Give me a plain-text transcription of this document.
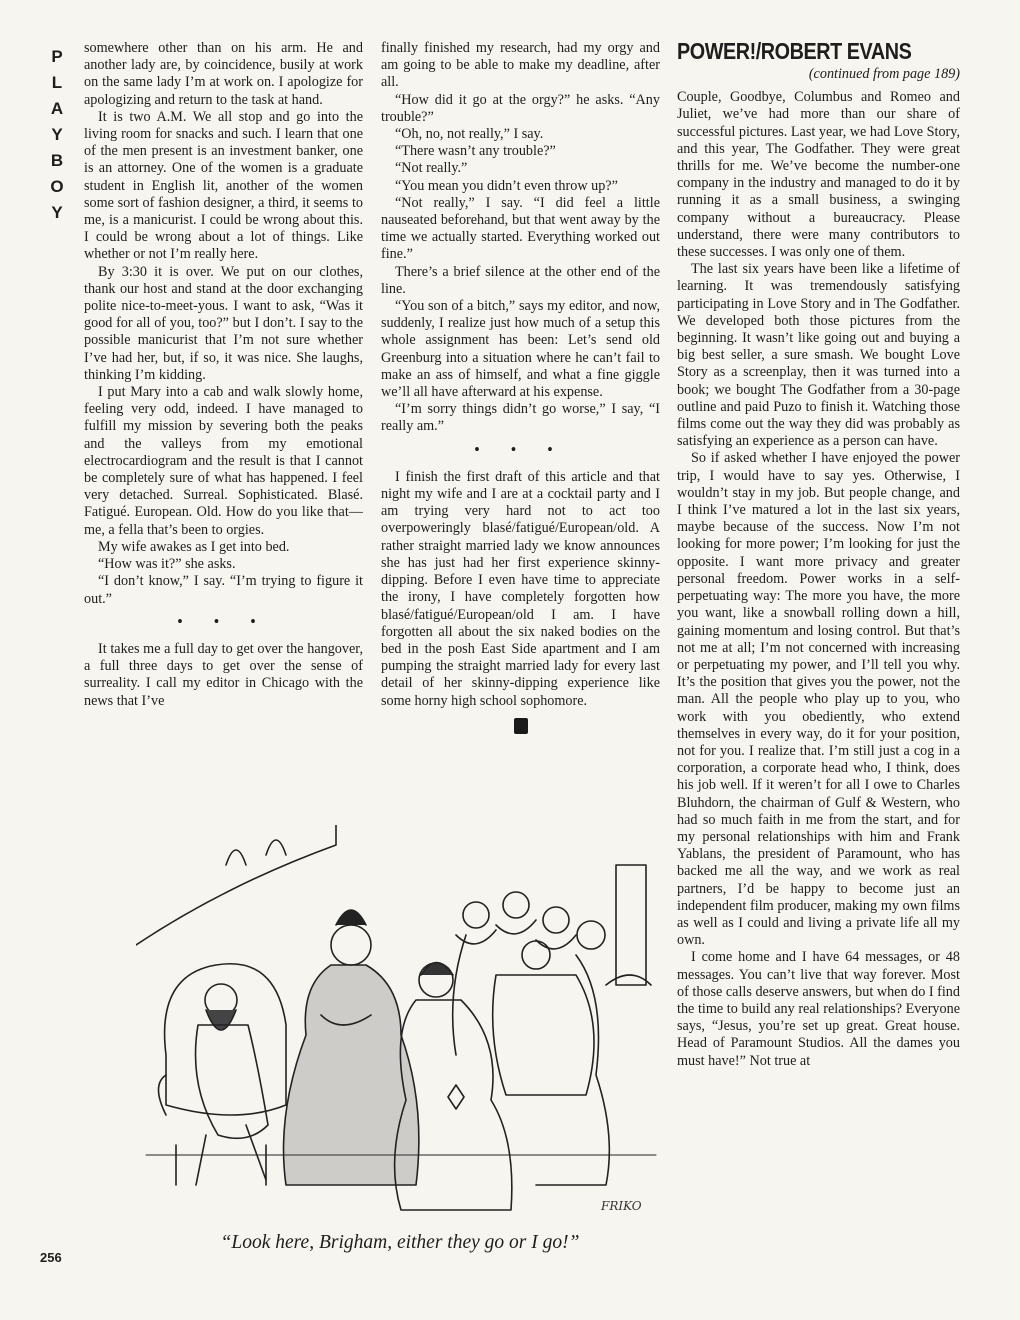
P
L
A
Y
B
O
Y

somewhere other than on his arm. He and another lady are, by coincidence, busily at work on the same lady I’m at work on. I apologize for apologizing and return to the task at hand.

It is two A.M. We all stop and go into the living room for snacks and such. I learn that one of the men present is an investment banker, one is an attorney. One of the women is a graduate student in English lit, another of the women some sort of fashion designer, a third, it seems to me, is a manicurist. I could be wrong about this. I could be wrong about a lot of things. Like whether or not I’m really here.

By 3:30 it is over. We put on our clothes, thank our host and stand at the door exchanging polite nice-to-meet-yous. I want to ask, “Was it good for all of you, too?” but I don’t. I say to the possible manicurist that I’m not sure whether I’ve had her, but, if so, it was nice. She laughs, thinking I’m kidding.

I put Mary into a cab and walk slowly home, feeling very odd, indeed. I have managed to fulfill my mission by severing both the peaks and the valleys from my emotional electrocardiogram and the result is that I cannot be completely sure of what has happened. I feel very detached. Surreal. Sophisticated. Blasé. Fatigué. European. Old. How do you like that—me, a fella that’s been to orgies.

My wife awakes as I get into bed.

“How was it?” she asks.

“I don’t know,” I say. “I’m trying to figure it out.”

• • •

It takes me a full day to get over the hangover, a full three days to get over the sense of surreality. I call my editor in Chicago with the news that I’ve

finally finished my research, had my orgy and am going to be able to make my deadline, after all.

“How did it go at the orgy?” he asks. “Any trouble?”

“Oh, no, not really,” I say.

“There wasn’t any trouble?”

“Not really.”

“You mean you didn’t even throw up?”

“Not really,” I say. “I did feel a little nauseated beforehand, but that went away by the time we actually started. Everything worked out fine.”

There’s a brief silence at the other end of the line.

“You son of a bitch,” says my editor, and now, suddenly, I realize just how much of a setup this whole assignment has been: Let’s send old Greenburg into a situation where he can’t fail to make an ass of himself, and what a fine giggle we’ll all have afterward at his expense.

“I’m sorry things didn’t go worse,” I say, “I really am.”

• • •

I finish the first draft of this article and that night my wife and I are at a cocktail party and I am trying very hard not to act too overpoweringly blasé/fatigué/European/old. A rather straight married lady we know announces she has just had her first experience skinny-dipping. Before I even have time to appreciate the irony, I have completely forgotten how blasé/fatigué/European/old I am. I have forgotten all about the six naked bodies on the bed in the posh East Side apartment and I am pumping the straight married lady for every last detail of her skinny-dipping experience like some horny high school sophomore.

POWER!/ROBERT EVANS
(continued from page 189)

Couple, Goodbye, Columbus and Romeo and Juliet, we’ve had more than our share of successful pictures. Last year, we had Love Story, and this year, The Godfather. They were great thrills for me. We’ve become the number-one company in the industry and managed to do it by running it as a small business, a swinging company without a bureaucracy. Please understand, there were many contributors to these successes. I was only one of them.

The last six years have been like a lifetime of learning. It was tremendously satisfying participating in Love Story and in The Godfather. We developed both those pictures from the beginning. It wasn’t like going out and buying a big best seller, a sure smash. We bought Love Story as a screenplay, then it was turned into a book; we bought The Godfather from a 30-page outline and paid Puzo to finish it. Watching those films come out the way they did was probably as satisfying an experience as a person can have.

So if asked whether I have enjoyed the power trip, I would have to say yes. Otherwise, I wouldn’t stay in my job. But people change, and I think I’ve matured a lot in the last six years, maybe because of the success. Now I’m not looking for more power; I’m looking for just the opposite. I want more privacy and greater personal freedom. Power works in a self-perpetuating way: The more you have, the more you want, like a snowball rolling down a hill, gaining momentum and losing control. But that’s not me at all; I’m not concerned with increasing or perpetuating my power, and I’ll tell you why. It’s the position that gives you the power, not the man. All the people who play up to you, who work with you obediently, who extend themselves in every way, do it for your position, not for you. I realize that. I’m still just a cog in a corporation, a corporate head who, I think, does his job well. If it weren’t for all I owe to Charles Bluhdorn, the chairman of Gulf & Western, who had so much faith in me from the start, and for my personal relationships with him and Frank Yablans, the president of Paramount, who has backed me all the way, and we work as real partners, I’d be happy to become just an independent film producer, making my own films as well as I could and living a private life all my own.

I come home and I have 64 messages, or 48 messages. You can’t live that way forever. Most of those calls deserve answers, but when do I find the time to build any real relationships? Everyone says, “Jesus, you’re set up great. Great house. Head of Paramount Studios. All the dames you must have!” Not true at

FRIKO
“Look here, Brigham, either they go or I go!”
256
